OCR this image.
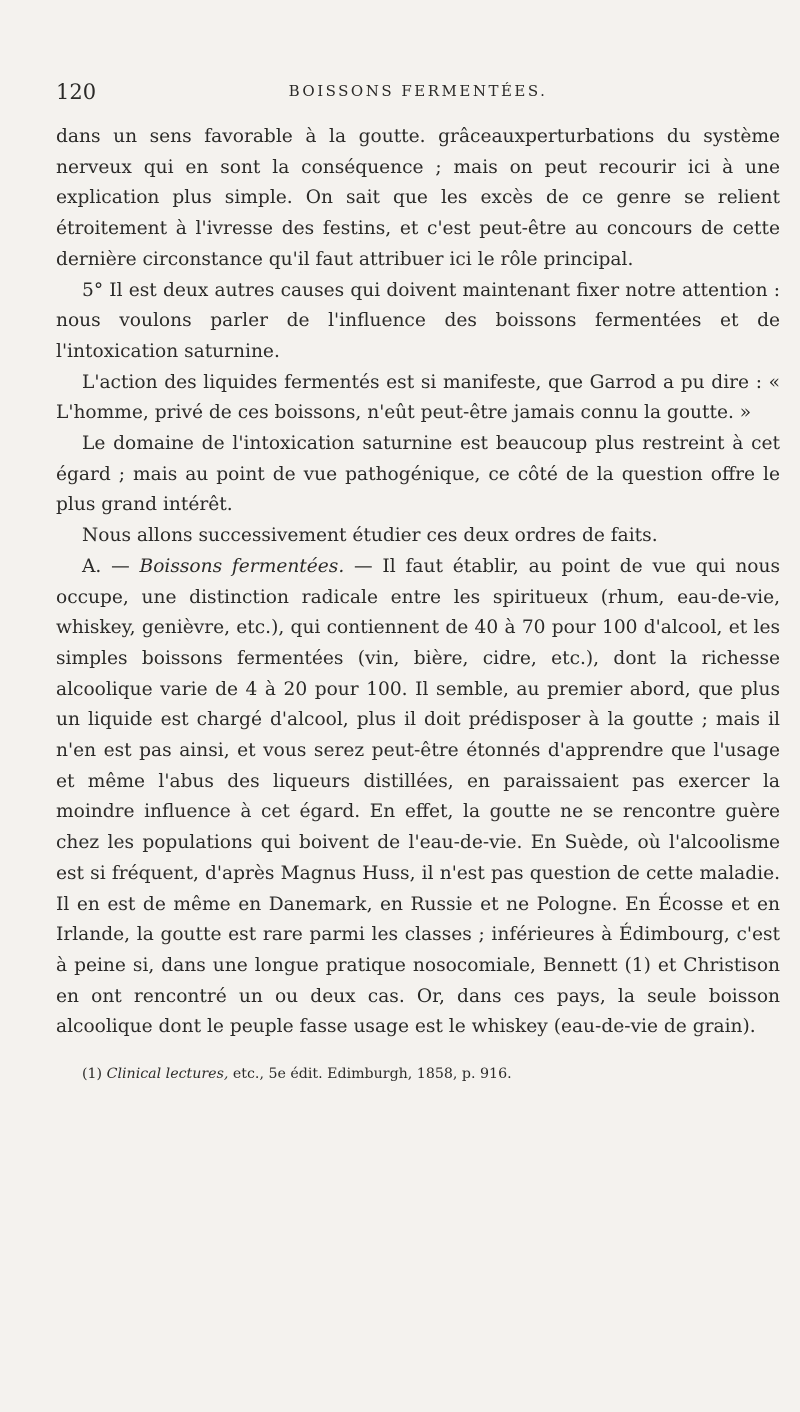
120	BOISSONS FERMENTÉES.

dans un sens favorable à la goutte. grâceauxperturbations du système nerveux qui en sont la conséquence ; mais on peut recourir ici à une explication plus simple. On sait que les excès de ce genre se relient étroitement à l'ivresse des festins, et c'est peut-être au concours de cette dernière circonstance qu'il faut attribuer ici le rôle principal.

5° Il est deux autres causes qui doivent maintenant fixer notre attention : nous voulons parler de l'influence des boissons fermentées et de l'intoxication saturnine.

L'action des liquides fermentés est si manifeste, que Garrod a pu dire : « L'homme, privé de ces boissons, n'eût peut-être jamais connu la goutte. »

Le domaine de l'intoxication saturnine est beaucoup plus restreint à cet égard ; mais au point de vue pathogénique, ce côté de la question offre le plus grand intérêt.

Nous allons successivement étudier ces deux ordres de faits.

A. — Boissons fermentées. — Il faut établir, au point de vue qui nous occupe, une distinction radicale entre les spiritueux (rhum, eau-de-vie, whiskey, genièvre, etc.), qui contiennent de 40 à 70 pour 100 d'alcool, et les simples boissons fermentées (vin, bière, cidre, etc.), dont la richesse alcoolique varie de 4 à 20 pour 100. Il semble, au premier abord, que plus un liquide est chargé d'alcool, plus il doit prédisposer à la goutte ; mais il n'en est pas ainsi, et vous serez peut-être étonnés d'apprendre que l'usage et même l'abus des liqueurs distillées, en paraissaient pas exercer la moindre influence à cet égard. En effet, la goutte ne se rencontre guère chez les populations qui boivent de l'eau-de-vie. En Suède, où l'alcoolisme est si fréquent, d'après Magnus Huss, il n'est pas question de cette maladie. Il en est de même en Danemark, en Russie et ne Pologne. En Écosse et en Irlande, la goutte est rare parmi les classes ; inférieures à Édimbourg, c'est à peine si, dans une longue pratique nosocomiale, Bennett (1) et Christison en ont rencontré un ou deux cas. Or, dans ces pays, la seule boisson alcoolique dont le peuple fasse usage est le whiskey (eau-de-vie de grain).

(1) Clinical lectures, etc., 5e édit. Edimburgh, 1858, p. 916.
